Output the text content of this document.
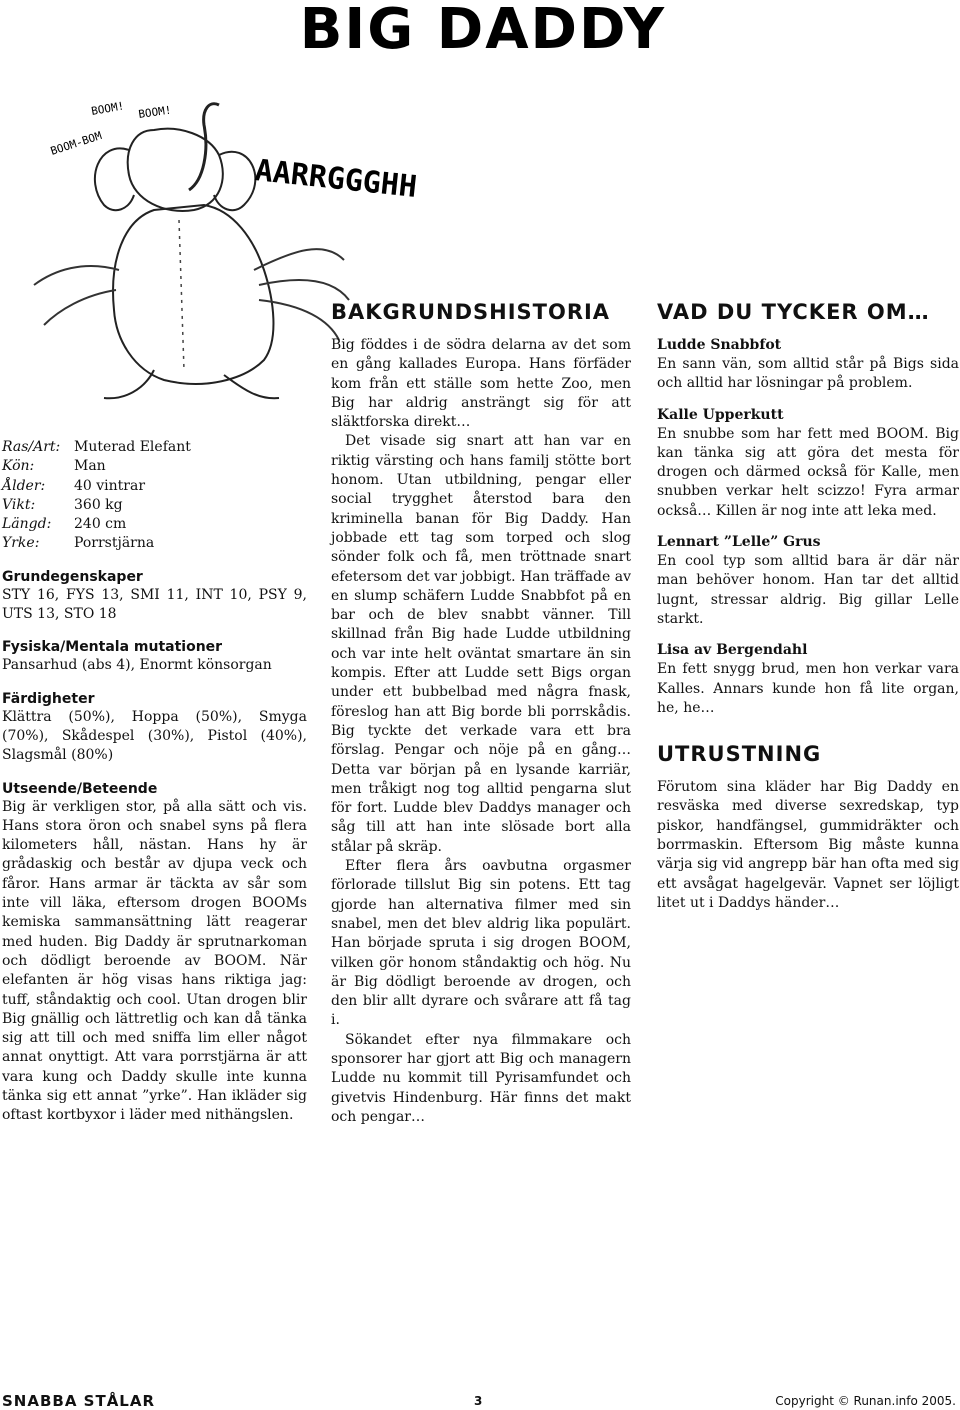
BIG DADDY
BOOM-BOM
BOOM! BOOM!
AARRGGGHH
Ras/Art: Muterad Elefant
Kön:	Man
Ålder:	40 vintrar
Vikt:	360 kg
Längd:	240 cm
Yrke:	Porrstjärna
Grundegenskaper

STY 16, FYS 13, SMI 11, INT 10, PSY 9, UTS 13, STO 18

Fysiska/Mentala mutationer

Pansarhud (abs 4), Enormt könsorgan

Färdigheter

Klättra (50%), Hoppa (50%), Smyga (70%), Skådespel (30%), Pistol (40%), Slagsmål (80%)

Utseende/Beteende

Big är verkligen stor, på alla sätt och vis. Hans stora öron och snabel syns på flera kilometers håll, nästan. Hans hy är grådaskig och består av djupa veck och fåror. Hans armar är täckta av sår som inte vill läka, eftersom drogen BOOMs kemiska sammansättning lätt reagerar med huden. Big Daddy är sprutnarkoman och dödligt beroende av BOOM. När elefanten är hög visas hans riktiga jag: tuff, ståndaktig och cool. Utan drogen blir Big gnällig och lättretlig och kan då tänka sig att till och med sniffa lim eller något annat onyttigt. Att vara porrstjärna är att vara kung och Daddy skulle inte kunna tänka sig ett annat ”yrke”. Han ikläder sig oftast kortbyxor i läder med nithängslen.

BAKGRUNDSHISTORIA

Big föddes i de södra delarna av det som en gång kallades Europa. Hans förfäder kom från ett ställe som hette Zoo, men Big har aldrig ansträngt sig för att släktforska direkt…

Det visade sig snart att han var en riktig värsting och hans familj stötte bort honom. Utan utbildning, pengar eller social trygghet återstod bara den kriminella banan för Big Daddy. Han jobbade ett tag som torped och slog sönder folk och få, men tröttnade snart efetersom det var jobbigt. Han träffade av en slump schäfern Ludde Snabbfot på en bar och de blev snabbt vänner. Till skillnad från Big hade Ludde utbildning och var inte helt oväntat smartare än sin kompis. Efter att Ludde sett Bigs organ under ett bubbelbad med några fnask, föreslog han att Big borde bli porrskådis. Big tyckte det verkade vara ett bra förslag. Pengar och nöje på en gång… Detta var början på en lysande karriär, men tråkigt nog tog alltid pengarna slut för fort. Ludde blev Daddys manager och såg till att han inte slösade bort alla stålar på skräp.

Efter flera års oavbutna orgasmer förlorade tillslut Big sin potens. Ett tag gjorde han alternativa filmer med sin snabel, men det blev aldrig lika populärt. Han började spruta i sig drogen BOOM, vilken gör honom ståndaktig och hög. Nu är Big dödligt beroende av drogen, och den blir allt dyrare och svårare att få tag i.

Sökandet efter nya filmmakare och sponsorer har gjort att Big och managern Ludde nu kommit till Pyrisamfundet och givetvis Hindenburg. Här finns det makt och pengar…

VAD DU TYCKER OM…
Ludde Snabbfot

En sann vän, som alltid står på Bigs sida och alltid har lösningar på problem.

Kalle Upperkutt

En snubbe som har fett med BOOM. Big kan tänka sig att göra det mesta för drogen och därmed också för Kalle, men snubben verkar helt scizzo! Fyra armar också… Killen är nog inte att leka med.

Lennart ”Lelle” Grus

En cool typ som alltid bara är där när man behöver honom. Han tar det alltid lugnt, stressar aldrig. Big gillar Lelle starkt.

Lisa av Bergendahl

En fett snygg brud, men hon verkar vara Kalles. Annars kunde hon få lite organ, he, he…

UTRUSTNING

Förutom sina kläder har Big Daddy en resväska med diverse sexredskap, typ piskor, handfängsel, gummidräkter och borrmaskin. Eftersom Big måste kunna värja sig vid angrepp bär han ofta med sig ett avsågat hagelgevär. Vapnet ser löjligt litet ut i Daddys händer…

SNABBA STÅLAR	3	Copyright © Runan.info 2005.
